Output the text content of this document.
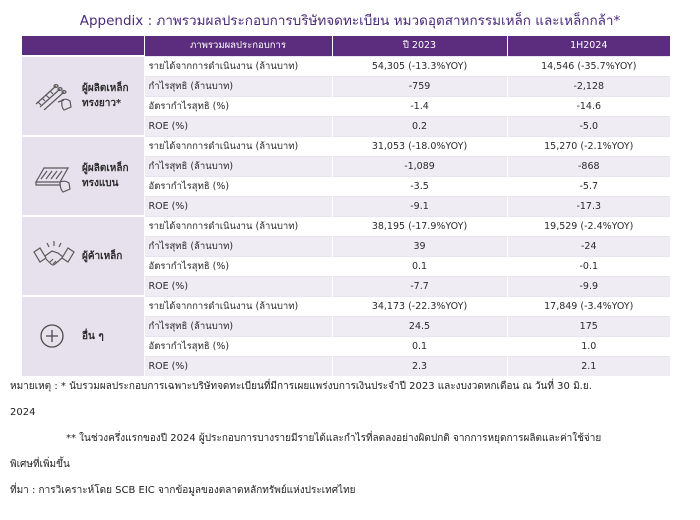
Appendix : ภาพรวมผลประกอบการบริษัทจดทะเบียน หมวดอุตสาหกรรมเหล็ก และเหล็กกล้า*
	ภาพรวมผลประกอบการ	ปี 2023	1H2024

ผู้ผลิตเหล็ก
ทรงยาว*	รายได้จากการดำเนินงาน (ล้านบาท)	54,305 (-13.3%YOY)	14,546 (-35.7%YOY)
	กำไรสุทธิ (ล้านบาท)	-759	-2,128
	อัตรากำไรสุทธิ (%)	-1.4	-14.6
	ROE (%)	0.2	-5.0

ผู้ผลิตเหล็ก
ทรงแบน	รายได้จากการดำเนินงาน (ล้านบาท)	31,053 (-18.0%YOY)	15,270 (-2.1%YOY)
	กำไรสุทธิ (ล้านบาท)	-1,089	-868
	อัตรากำไรสุทธิ (%)	-3.5	-5.7
	ROE (%)	-9.1	-17.3

ผู้ค้าเหล็ก	รายได้จากการดำเนินงาน (ล้านบาท)	38,195 (-17.9%YOY)	19,529 (-2.4%YOY)
	กำไรสุทธิ (ล้านบาท)	39	-24
	อัตรากำไรสุทธิ (%)	0.1	-0.1
	ROE (%)	-7.7	-9.9

อื่น ๆ	รายได้จากการดำเนินงาน (ล้านบาท)	34,173 (-22.3%YOY)	17,849 (-3.4%YOY)
	กำไรสุทธิ (ล้านบาท)	24.5	175
	อัตรากำไรสุทธิ (%)	0.1	1.0
	ROE (%)	2.3	2.1
หมายเหตุ : * นับรวมผลประกอบการเฉพาะบริษัทจดทะเบียนที่มีการเผยแพร่งบการเงินประจำปี 2023 และงบงวดหกเดือน ณ วันที่ 30 มิ.ย.
2024
** ในช่วงครึ่งแรกของปี 2024 ผู้ประกอบการบางรายมีรายได้และกำไรที่ลดลงอย่างผิดปกติ จากการหยุดการผลิตและค่าใช้จ่าย
พิเศษที่เพิ่มขึ้น
ที่มา : การวิเคราะห์โดย SCB EIC จากข้อมูลของตลาดหลักทรัพย์แห่งประเทศไทย
